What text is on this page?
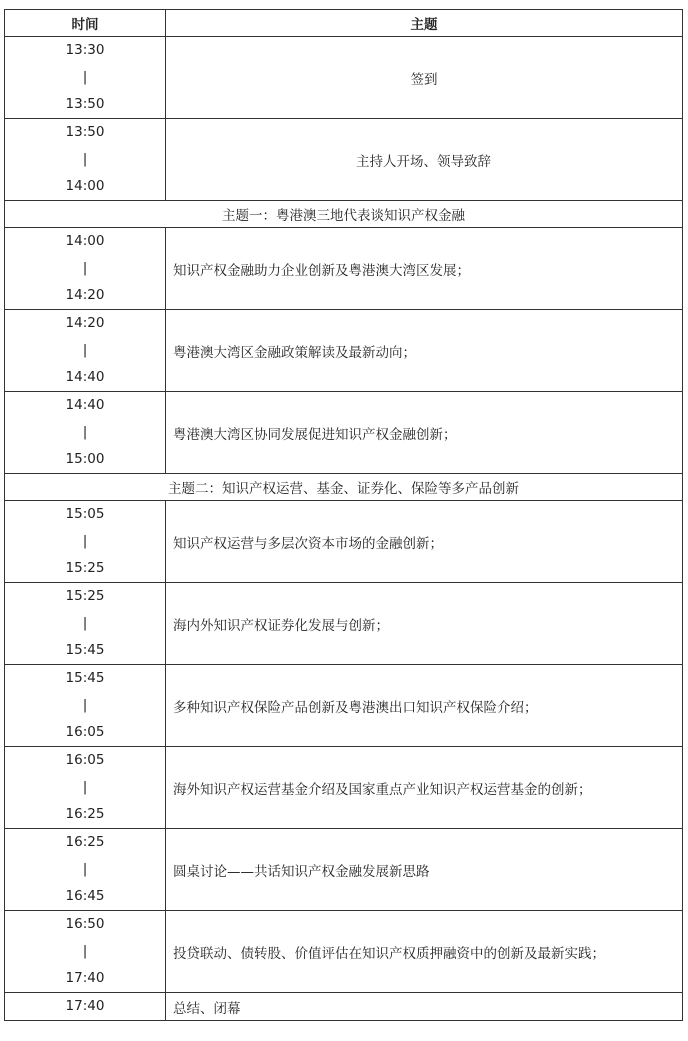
时间	主题

13:30
|
13:50	签到

13:50
|
14:00	主持人开场、领导致辞
主题一：粤港澳三地代表谈知识产权金融	

14:00
|
14:20	知识产权金融助力企业创新及粤港澳大湾区发展；

14:20
|
14:40	粤港澳大湾区金融政策解读及最新动向；

14:40
|
15:00	粤港澳大湾区协同发展促进知识产权金融创新；
主题二：知识产权运营、基金、证券化、保险等多产品创新	

15:05
|
15:25	知识产权运营与多层次资本市场的金融创新；

15:25
|
15:45	海内外知识产权证券化发展与创新；

15:45
|
16:05	多种知识产权保险产品创新及粤港澳出口知识产权保险介绍；

16:05
|
16:25	海外知识产权运营基金介绍及国家重点产业知识产权运营基金的创新；

16:25
|
16:45	圆桌讨论——共话知识产权金融发展新思路

16:50
|
17:40	投贷联动、债转股、价值评估在知识产权质押融资中的创新及最新实践；

17:40	总结、闭幕
